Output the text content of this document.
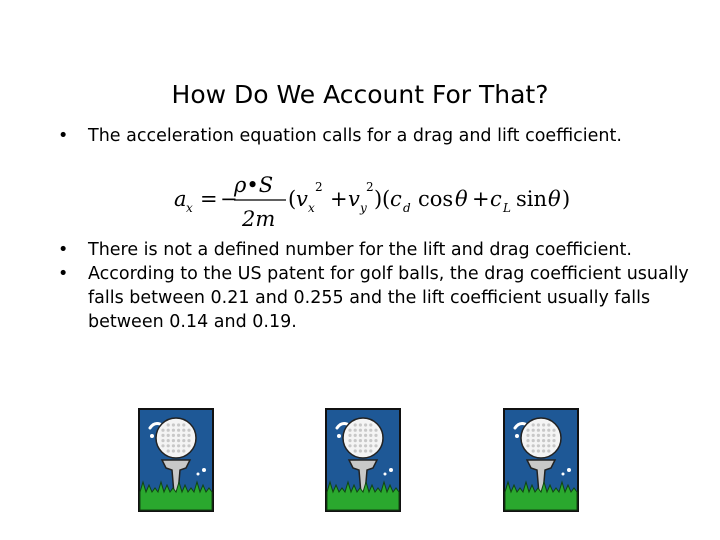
How Do We Account For That?
• The acceleration equation calls for a drag and lift coefficient.
a x = −
ρ•S
2m
( v x
2 + v y
2 ) ( c d cos θ + c L sin θ )
• There is not a defined number for the lift and drag coefficient.
• According to the US patent for golf balls, the drag coefficient usually falls between 0.21 and 0.255 and the lift coefficient usually falls between 0.14 and 0.19.
